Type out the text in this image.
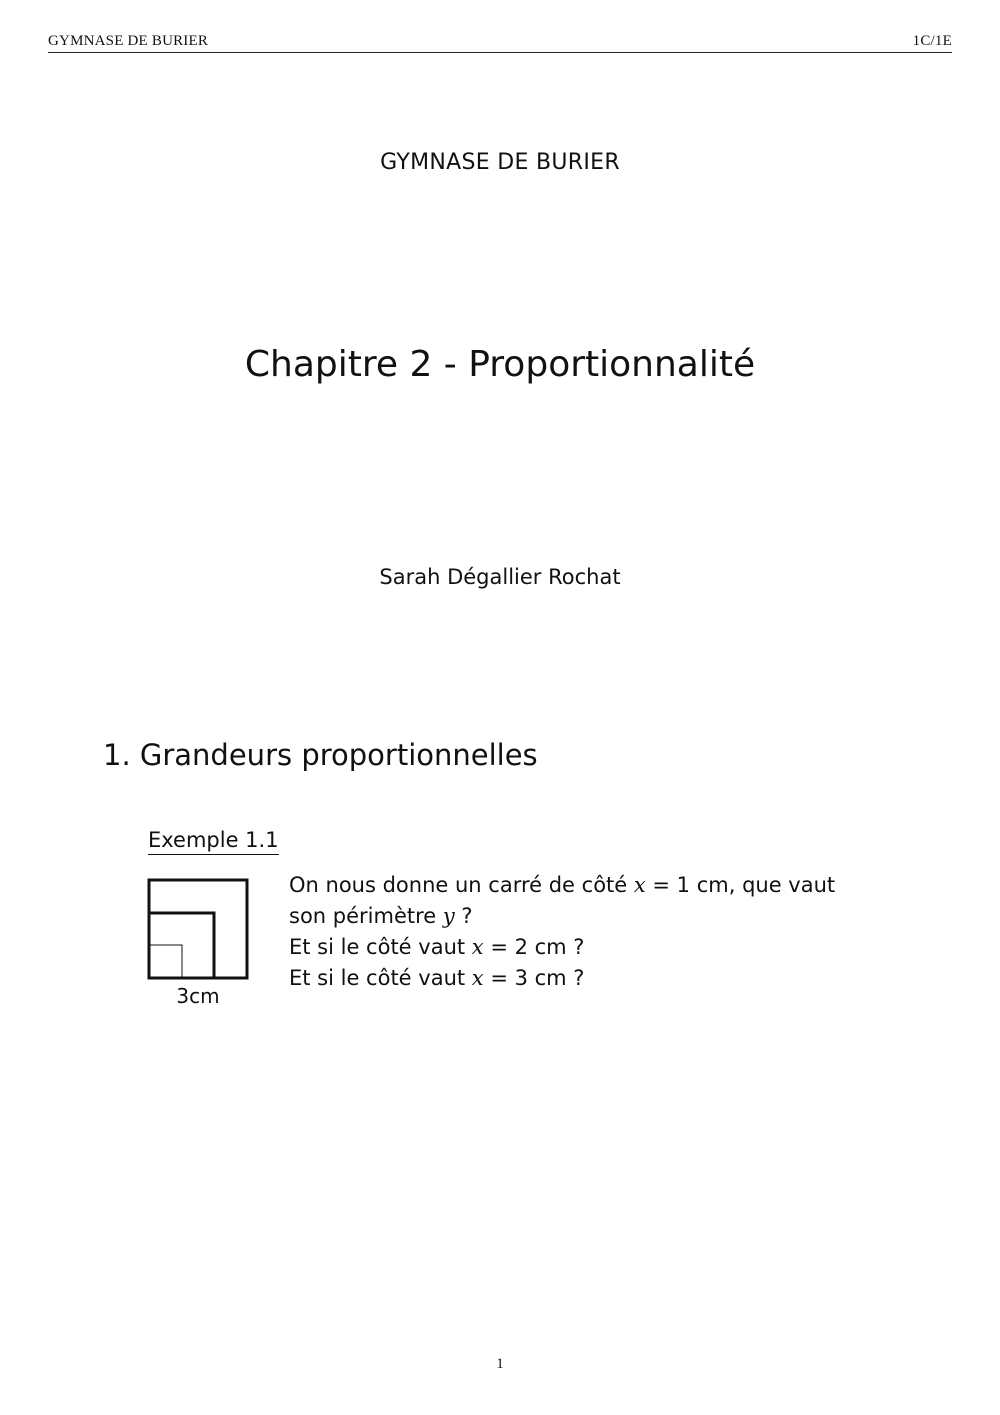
GYMNASE DE BURIER	1C/1E
GYMNASE DE BURIER
Chapitre 2 - Proportionnalité
Sarah Dégallier Rochat
1. Grandeurs proportionnelles
Exemple 1.1
3cm
On nous donne un carré de côté x = 1 cm, que vaut
son périmètre y ?
Et si le côté vaut x = 2 cm ?
Et si le côté vaut x = 3 cm ?
1
